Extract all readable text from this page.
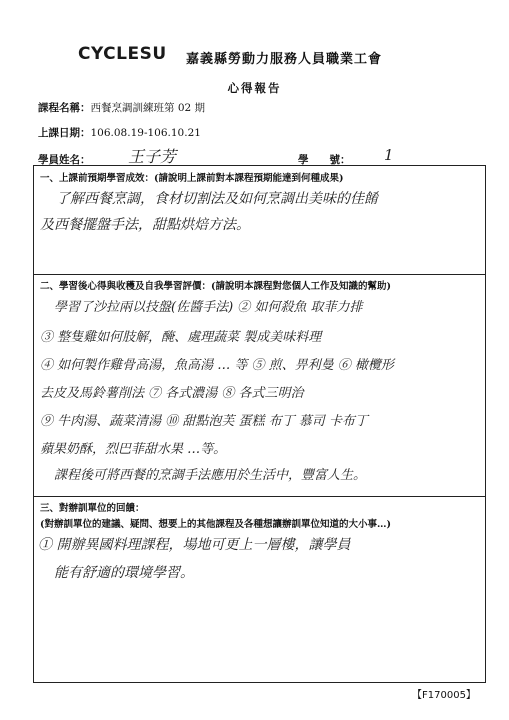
CYCLESU 嘉義縣勞動力服務人員職業工會
心得報告
課程名稱：西餐烹調訓練班第 02 期
上課日期：106.08.19-106.10.21
學員姓名： 王子芳	學　　號： 1
一、上課前預期學習成效：(請說明上課前對本課程預期能達到何種成果)
了解西餐烹調，食材切割法及如何烹調出美味的佳餚
及西餐擺盤手法，甜點烘焙方法。
二、學習後心得與收穫及自我學習評價：(請說明本課程對您個人工作及知識的幫助)
學習了沙拉兩以技盤(佐醬手法) ② 如何殺魚 取菲力排
③ 整隻雞如何肢解，醃、處理蔬菜 製成美味料理
④ 如何製作雞骨高湯，魚高湯 … 等 ⑤ 煎、畀利曼 ⑥ 橄欖形
去皮及馬鈴薯削法 ⑦ 各式濃湯 ⑧ 各式三明治
⑨ 牛肉湯、蔬菜清湯 ⑩ 甜點泡芙 蛋糕 布丁 慕司 卡布丁
蘋果奶酥，烈巴菲甜水果 …等。
課程後可將西餐的烹調手法應用於生活中，豐富人生。
三、對辦訓單位的回饋：
(對辦訓單位的建議、疑問、想要上的其他課程及各種想讓辦訓單位知道的大小事…)
① 開辦異國料理課程，場地可更上一層樓，讓學員
能有舒適的環境學習。
【F170005】
